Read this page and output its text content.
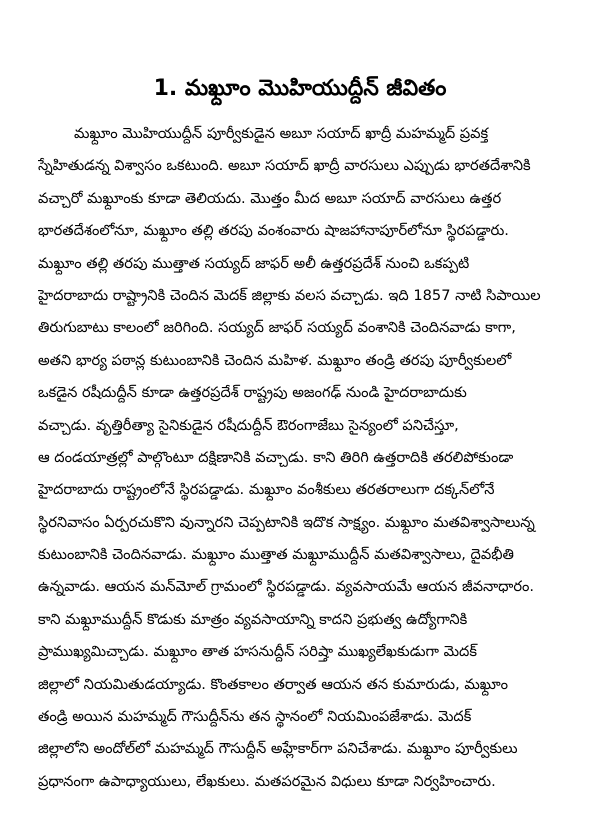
1. మఖ్దూం మొహియుద్దీన్ జీవితం
మఖ్దూం మొహియుద్దీన్ పూర్వీకుడైన అబూ సయాద్ ఖాద్రీ మహమ్మద్ ప్రవక్త
స్నేహితుడన్న విశ్వాసం ఒకటుంది. అబూ సయాద్ ఖాద్రీ వారసులు ఎప్పుడు భారతదేశానికి
వచ్చారో మఖ్దూంకు కూడా తెలియదు. మొత్తం మీద అబూ సయాద్ వారసులు ఉత్తర
భారతదేశంలోనూ, మఖ్దూం తల్లి తరపు వంశంవారు షాజహానాపూర్‌లోనూ స్థిరపడ్డారు.
మఖ్దూం తల్లి తరపు ముత్తాత సయ్యద్ జాఫర్ అలీ ఉత్తరప్రదేశ్ నుంచి ఒకప్పటి
హైదరాబాదు రాష్ట్రానికి చెందిన మెదక్ జిల్లాకు వలస వచ్చాడు. ఇది 1857 నాటి సిపాయిల
తిరుగుబాటు కాలంలో జరిగింది. సయ్యద్ జాఫర్ సయ్యద్ వంశానికి చెందినవాడు కాగా,
అతని భార్య పఠాన్ల కుటుంబానికి చెందిన మహిళ. మఖ్దూం తండ్రి తరపు పూర్వీకులలో
ఒకడైన రషీదుద్దీన్ కూడా ఉత్తరప్రదేశ్ రాష్ట్రపు అజంగఢ్ నుండి హైదరాబాదుకు
వచ్చాడు. వృత్తిరీత్యా సైనికుడైన రషీదుద్దీన్ ఔరంగాజేబు సైన్యంలో పనిచేస్తూ,
ఆ దండయాత్రల్లో పాల్గొంటూ దక్షిణానికి వచ్చాడు. కాని తిరిగి ఉత్తరాదికి తరలిపోకుండా
హైదరాబాదు రాష్ట్రంలోనే స్థిరపడ్డాడు. మఖ్దూం వంశీకులు తరతరాలుగా దక్కన్‌లోనే
స్థిరనివాసం ఏర్పరచుకొని వున్నారని చెప్పటానికి ఇదొక సాక్ష్యం. మఖ్దూం మతవిశ్వాసాలున్న
కుటుంబానికి చెందినవాడు. మఖ్దూం ముత్తాత మఖ్దూముద్దీన్ మతవిశ్వాసాలు, దైవభీతి
ఉన్నవాడు. ఆయన మన్‌మోల్ గ్రామంలో స్థిరపడ్డాడు. వ్యవసాయమే ఆయన జీవనాధారం.
కాని మఖ్దూముద్దీన్ కొడుకు మాత్రం వ్యవసాయాన్ని కాదని ప్రభుత్వ ఉద్యోగానికి
ప్రాముఖ్యమిచ్చాడు. మఖ్దూం తాత హసనుద్దీన్ సరిష్తా ముఖ్యలేఖకుడుగా మెదక్
జిల్లాలో నియమితుడయ్యాడు. కొంతకాలం తర్వాత ఆయన తన కుమారుడు, మఖ్దూం
తండ్రి అయిన మహమ్మద్ గౌసుద్దీన్‌ను తన స్థానంలో నియమింపజేశాడు. మెదక్
జిల్లాలోని అందోల్‌లో మహమ్మద్ గౌసుద్దీన్ అహ్లేకార్‌గా పనిచేశాడు. మఖ్దూం పూర్వీకులు
ప్రధానంగా ఉపాధ్యాయులు, లేఖకులు. మతపరమైన విధులు కూడా నిర్వహించారు.
